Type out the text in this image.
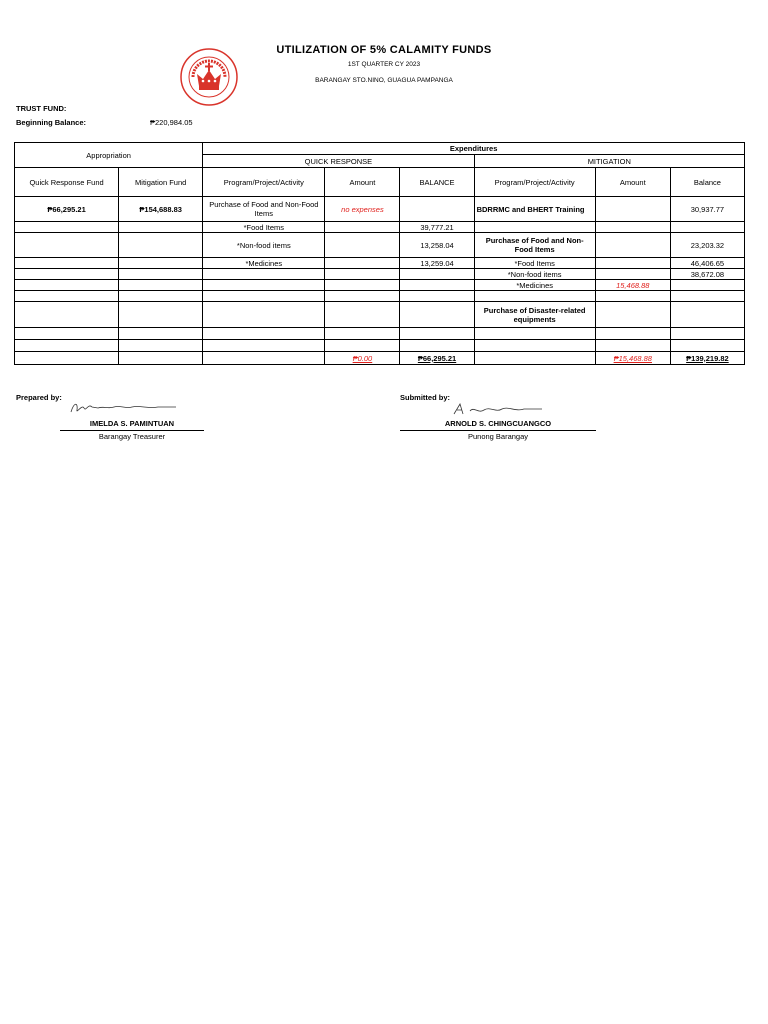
UTILIZATION OF 5% CALAMITY FUNDS
1ST QUARTER CY 2023
BARANGAY STO.NINO, GUAGUA PAMPANGA
TRUST FUND:
Beginning Balance:	₱220,984.05
Appropriation		Expenditures					
		QUICK RESPONSE			MITIGATION		
Quick Response Fund	Mitigation Fund	Program/Project/Activity	Amount	BALANCE	Program/Project/Activity	Amount	Balance
₱66,295.21	₱154,688.83	Purchase of Food and Non-Food Items	no expenses		BDRRMC and BHERT Training		30,937.77
		*Food Items		39,777.21			
		*Non-food items		13,258.04	Purchase of Food and Non-Food Items		23,203.32
		*Medicines		13,259.04	*Food Items		46,406.65
					*Non-food items		38,672.08
					*Medicines	15,468.88	

					Purchase of Disaster-related equipments		

			₱0.00	₱66,295.21		₱15,468.88	₱139,219.82
Prepared by:
IMELDA S. PAMINTUAN
Barangay Treasurer
Submitted by:
ARNOLD S. CHINGCUANGCO
Punong Barangay
